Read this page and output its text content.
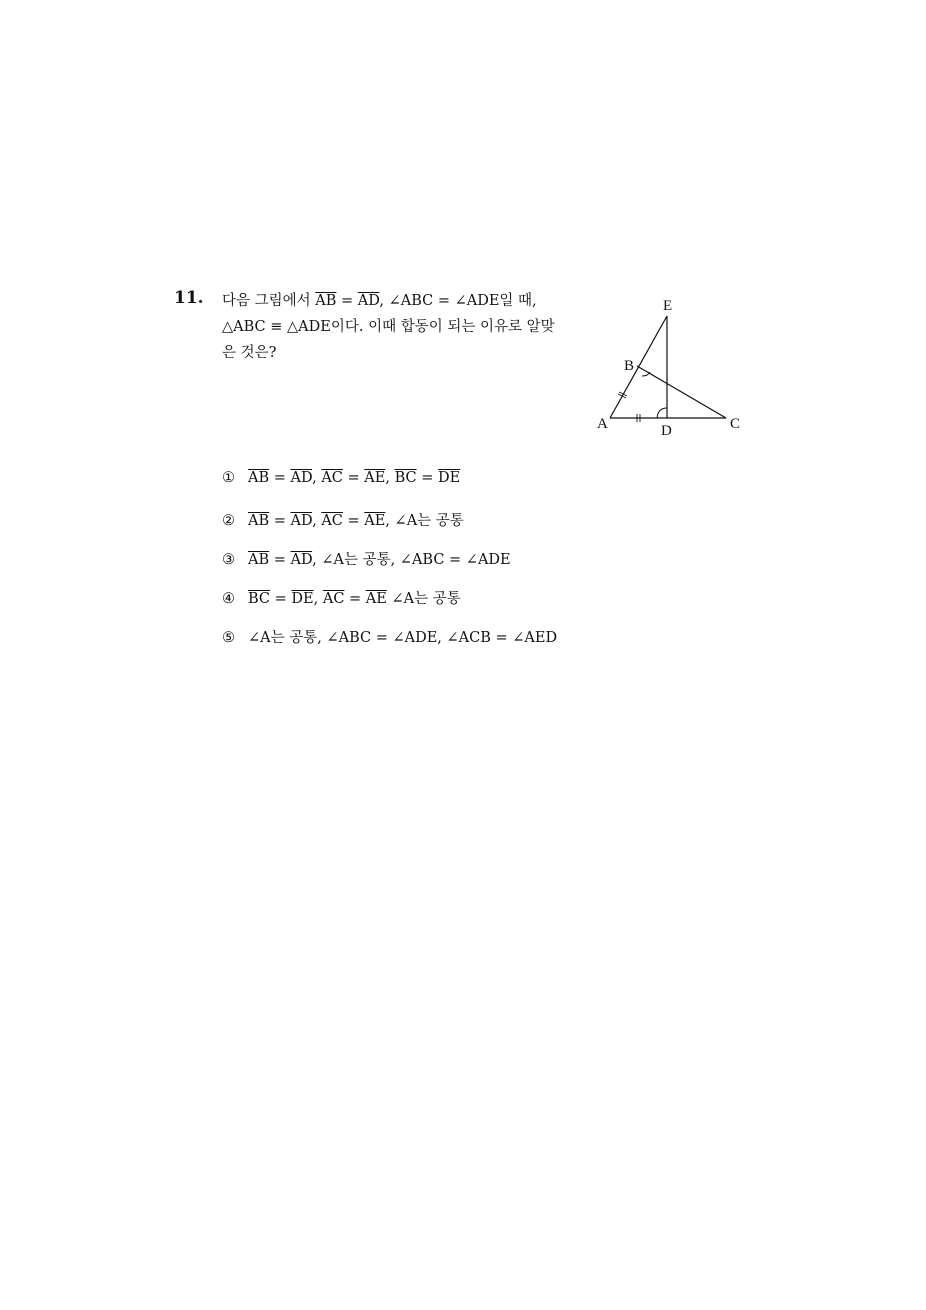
11. 다음 그림에서 $\overline{AB} = \overline{AD}$, ∠ABC = ∠ADE일 때,
△ABC ≡ △ADE이다. 이때 합동이 되는 이유로 알맞
은 것은?
E
B
A	D	C
① $\overline{AB} = \overline{AD}$, $\overline{AC} = \overline{AE}$, $\overline{BC} = \overline{DE}$
② $\overline{AB} = \overline{AD}$, $\overline{AC} = \overline{AE}$, ∠A는 공통
③ $\overline{AB} = \overline{AD}$, ∠A는 공통, ∠ABC = ∠ADE
④ $\overline{BC} = \overline{DE}$, $\overline{AC} = \overline{AE}$ ∠A는 공통
⑤ ∠A는 공통, ∠ABC = ∠ADE, ∠ACB = ∠AED
